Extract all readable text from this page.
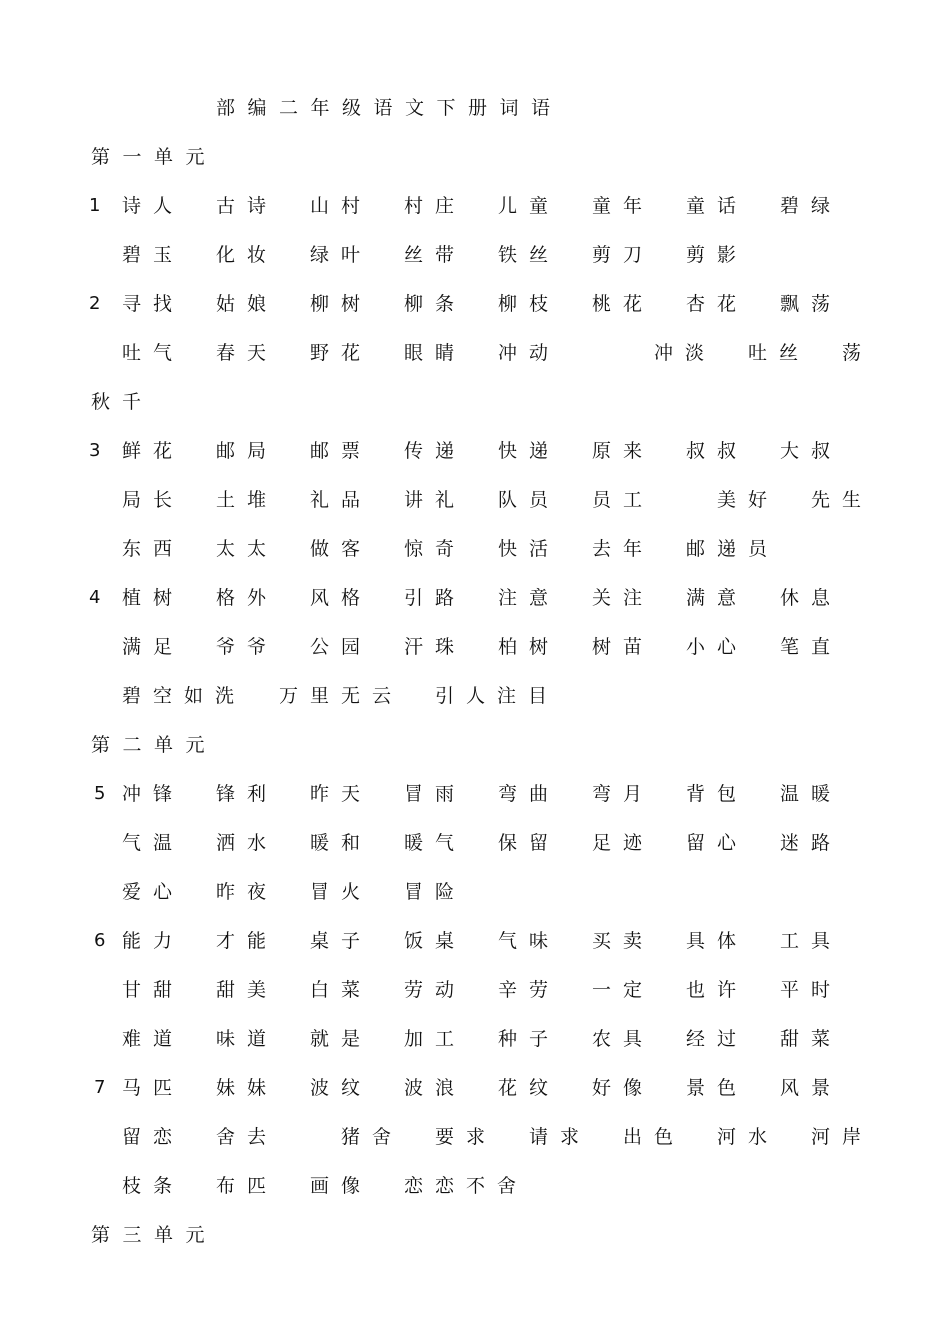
部编二年级语文下册词语
第一单元
1 诗人 古诗 山村 村庄 儿童 童年 童话 碧绿
碧玉 化妆 绿叶 丝带 铁丝 剪刀 剪影
2 寻找 姑娘 柳树 柳条 柳枝 桃花 杏花 飘荡
吐气 春天 野花 眼睛 冲动	冲淡 吐丝 荡
秋千
3 鲜花 邮局 邮票 传递 快递 原来 叔叔 大叔
局长 土堆 礼品 讲礼 队员 员工	美好 先生
东西 太太 做客 惊奇 快活 去年 邮递员
4 植树 格外 风格 引路 注意 关注 满意 休息
满足 爷爷 公园 汗珠 柏树 树苗 小心 笔直
碧空如洗 万里无云 引人注目
第二单元
5 冲锋 锋利 昨天 冒雨 弯曲 弯月 背包 温暖
气温 洒水 暖和 暖气 保留 足迹 留心 迷路
爱心 昨夜 冒火 冒险
6 能力 才能 桌子 饭桌 气味 买卖 具体 工具
甘甜 甜美 白菜 劳动 辛劳 一定 也许 平时
难道 味道 就是 加工 种子 农具 经过 甜菜
7 马匹 妹妹 波纹 波浪 花纹 好像 景色 风景
留恋 舍去	猪舍 要求 请求 出色 河水 河岸
枝条 布匹 画像 恋恋不舍
第三单元
